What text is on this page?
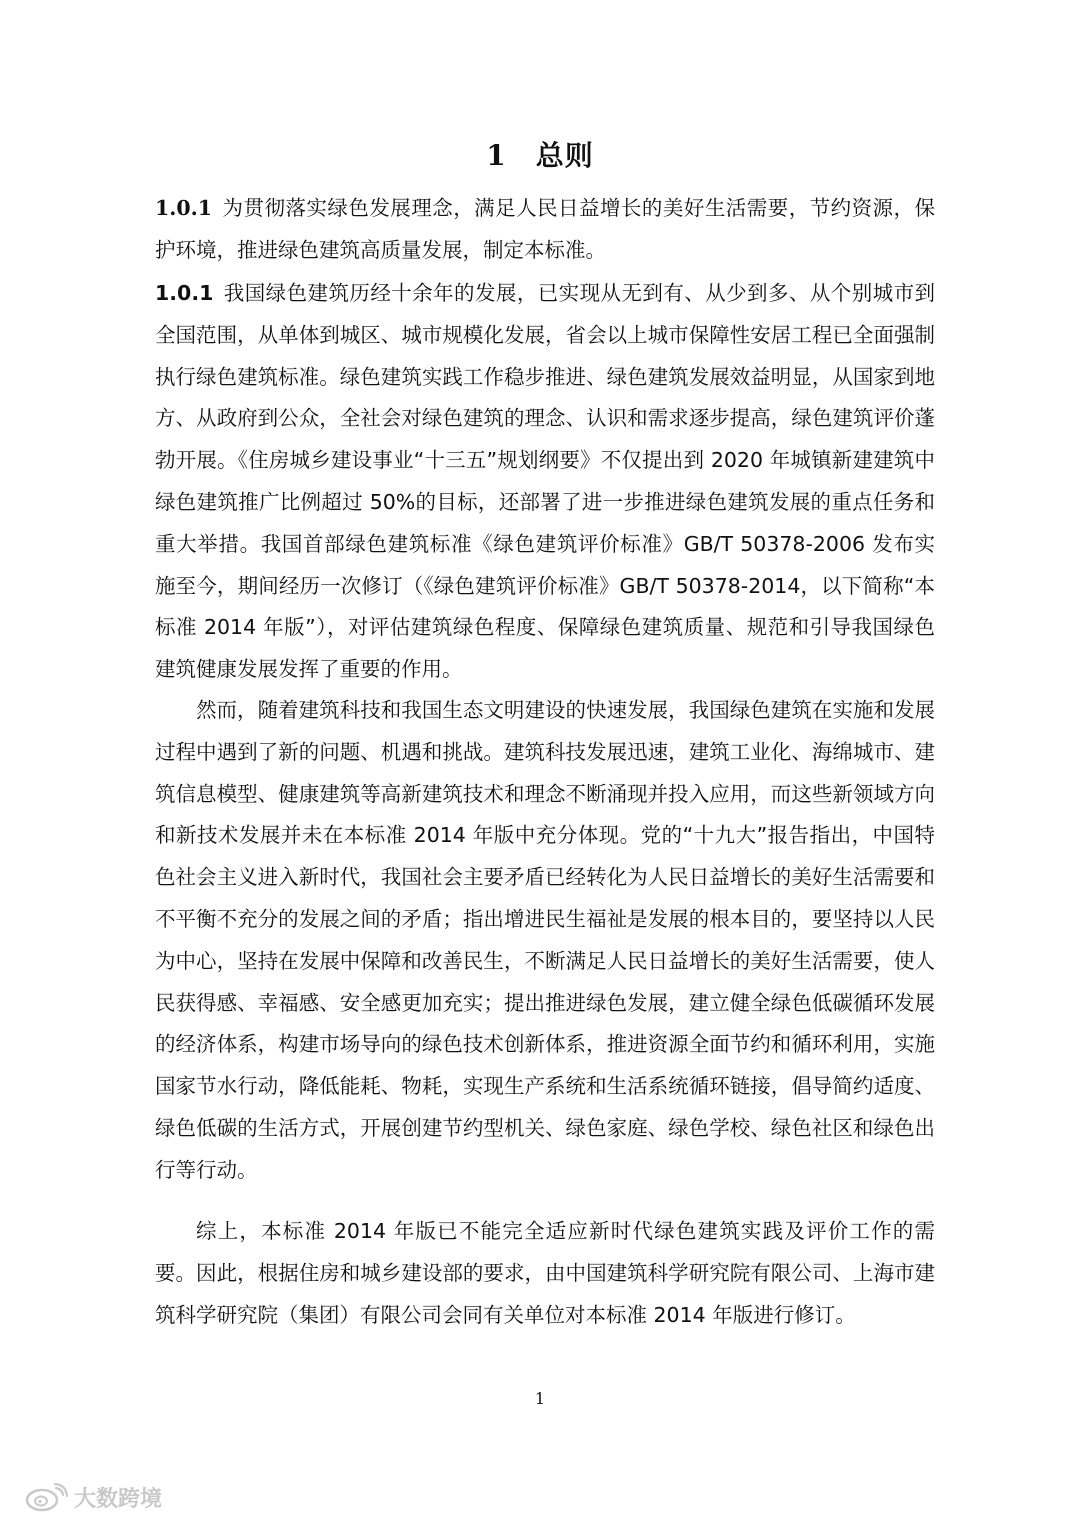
1　总则

1.0.1 为贯彻落实绿色发展理念，满足人民日益增长的美好生活需要，节约资源，保护环境，推进绿色建筑高质量发展，制定本标准。

1.0.1 我国绿色建筑历经十余年的发展，已实现从无到有、从少到多、从个别城市到全国范围，从单体到城区、城市规模化发展，省会以上城市保障性安居工程已全面强制执行绿色建筑标准。绿色建筑实践工作稳步推进、绿色建筑发展效益明显，从国家到地方、从政府到公众，全社会对绿色建筑的理念、认识和需求逐步提高，绿色建筑评价蓬勃开展。《住房城乡建设事业“十三五”规划纲要》不仅提出到 2020 年城镇新建建筑中绿色建筑推广比例超过 50%的目标，还部署了进一步推进绿色建筑发展的重点任务和重大举措。我国首部绿色建筑标准《绿色建筑评价标准》GB/T 50378-2006 发布实施至今，期间经历一次修订（《绿色建筑评价标准》GB/T 50378-2014，以下简称“本标准 2014 年版”），对评估建筑绿色程度、保障绿色建筑质量、规范和引导我国绿色建筑健康发展发挥了重要的作用。

然而，随着建筑科技和我国生态文明建设的快速发展，我国绿色建筑在实施和发展过程中遇到了新的问题、机遇和挑战。建筑科技发展迅速，建筑工业化、海绵城市、建筑信息模型、健康建筑等高新建筑技术和理念不断涌现并投入应用，而这些新领域方向和新技术发展并未在本标准 2014 年版中充分体现。党的“十九大”报告指出，中国特色社会主义进入新时代，我国社会主要矛盾已经转化为人民日益增长的美好生活需要和不平衡不充分的发展之间的矛盾；指出增进民生福祉是发展的根本目的，要坚持以人民为中心，坚持在发展中保障和改善民生，不断满足人民日益增长的美好生活需要，使人民获得感、幸福感、安全感更加充实；提出推进绿色发展，建立健全绿色低碳循环发展的经济体系，构建市场导向的绿色技术创新体系，推进资源全面节约和循环利用，实施国家节水行动，降低能耗、物耗，实现生产系统和生活系统循环链接，倡导简约适度、绿色低碳的生活方式，开展创建节约型机关、绿色家庭、绿色学校、绿色社区和绿色出行等行动。
综上，本标准 2014 年版已不能完全适应新时代绿色建筑实践及评价工作的需要。因此，根据住房和城乡建设部的要求，由中国建筑科学研究院有限公司、上海市建筑科学研究院（集团）有限公司会同有关单位对本标准 2014 年版进行修订。
1
大数跨境
